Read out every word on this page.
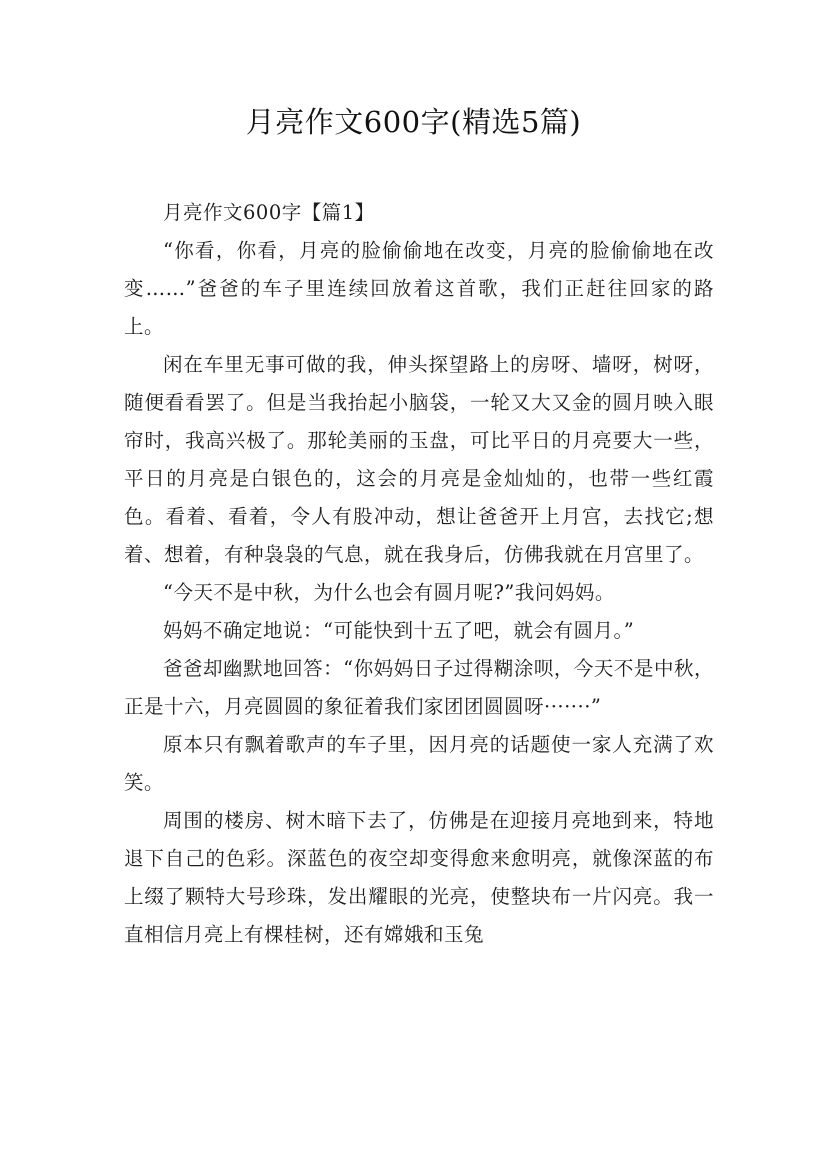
月亮作文600字(精选5篇)

月亮作文600字【篇1】

“你看，你看，月亮的脸偷偷地在改变，月亮的脸偷偷地在改变……”爸爸的车子里连续回放着这首歌，我们正赶往回家的路上。

闲在车里无事可做的我，伸头探望路上的房呀、墙呀，树呀，随便看看罢了。但是当我抬起小脑袋，一轮又大又金的圆月映入眼帘时，我高兴极了。那轮美丽的玉盘，可比平日的月亮要大一些，平日的月亮是白银色的，这会的月亮是金灿灿的，也带一些红霞色。看着、看着，令人有股冲动，想让爸爸开上月宫，去找它;想着、想着，有种袅袅的气息，就在我身后，仿佛我就在月宫里了。

“今天不是中秋，为什么也会有圆月呢?”我问妈妈。

妈妈不确定地说：“可能快到十五了吧，就会有圆月。”

爸爸却幽默地回答：“你妈妈日子过得糊涂呗，今天不是中秋，正是十六，月亮圆圆的象征着我们家团团圆圆呀·······”

原本只有飘着歌声的车子里，因月亮的话题使一家人充满了欢笑。

周围的楼房、树木暗下去了，仿佛是在迎接月亮地到来，特地退下自己的色彩。深蓝色的夜空却变得愈来愈明亮，就像深蓝的布上缀了颗特大号珍珠，发出耀眼的光亮，使整块布一片闪亮。我一直相信月亮上有棵桂树，还有嫦娥和玉兔
